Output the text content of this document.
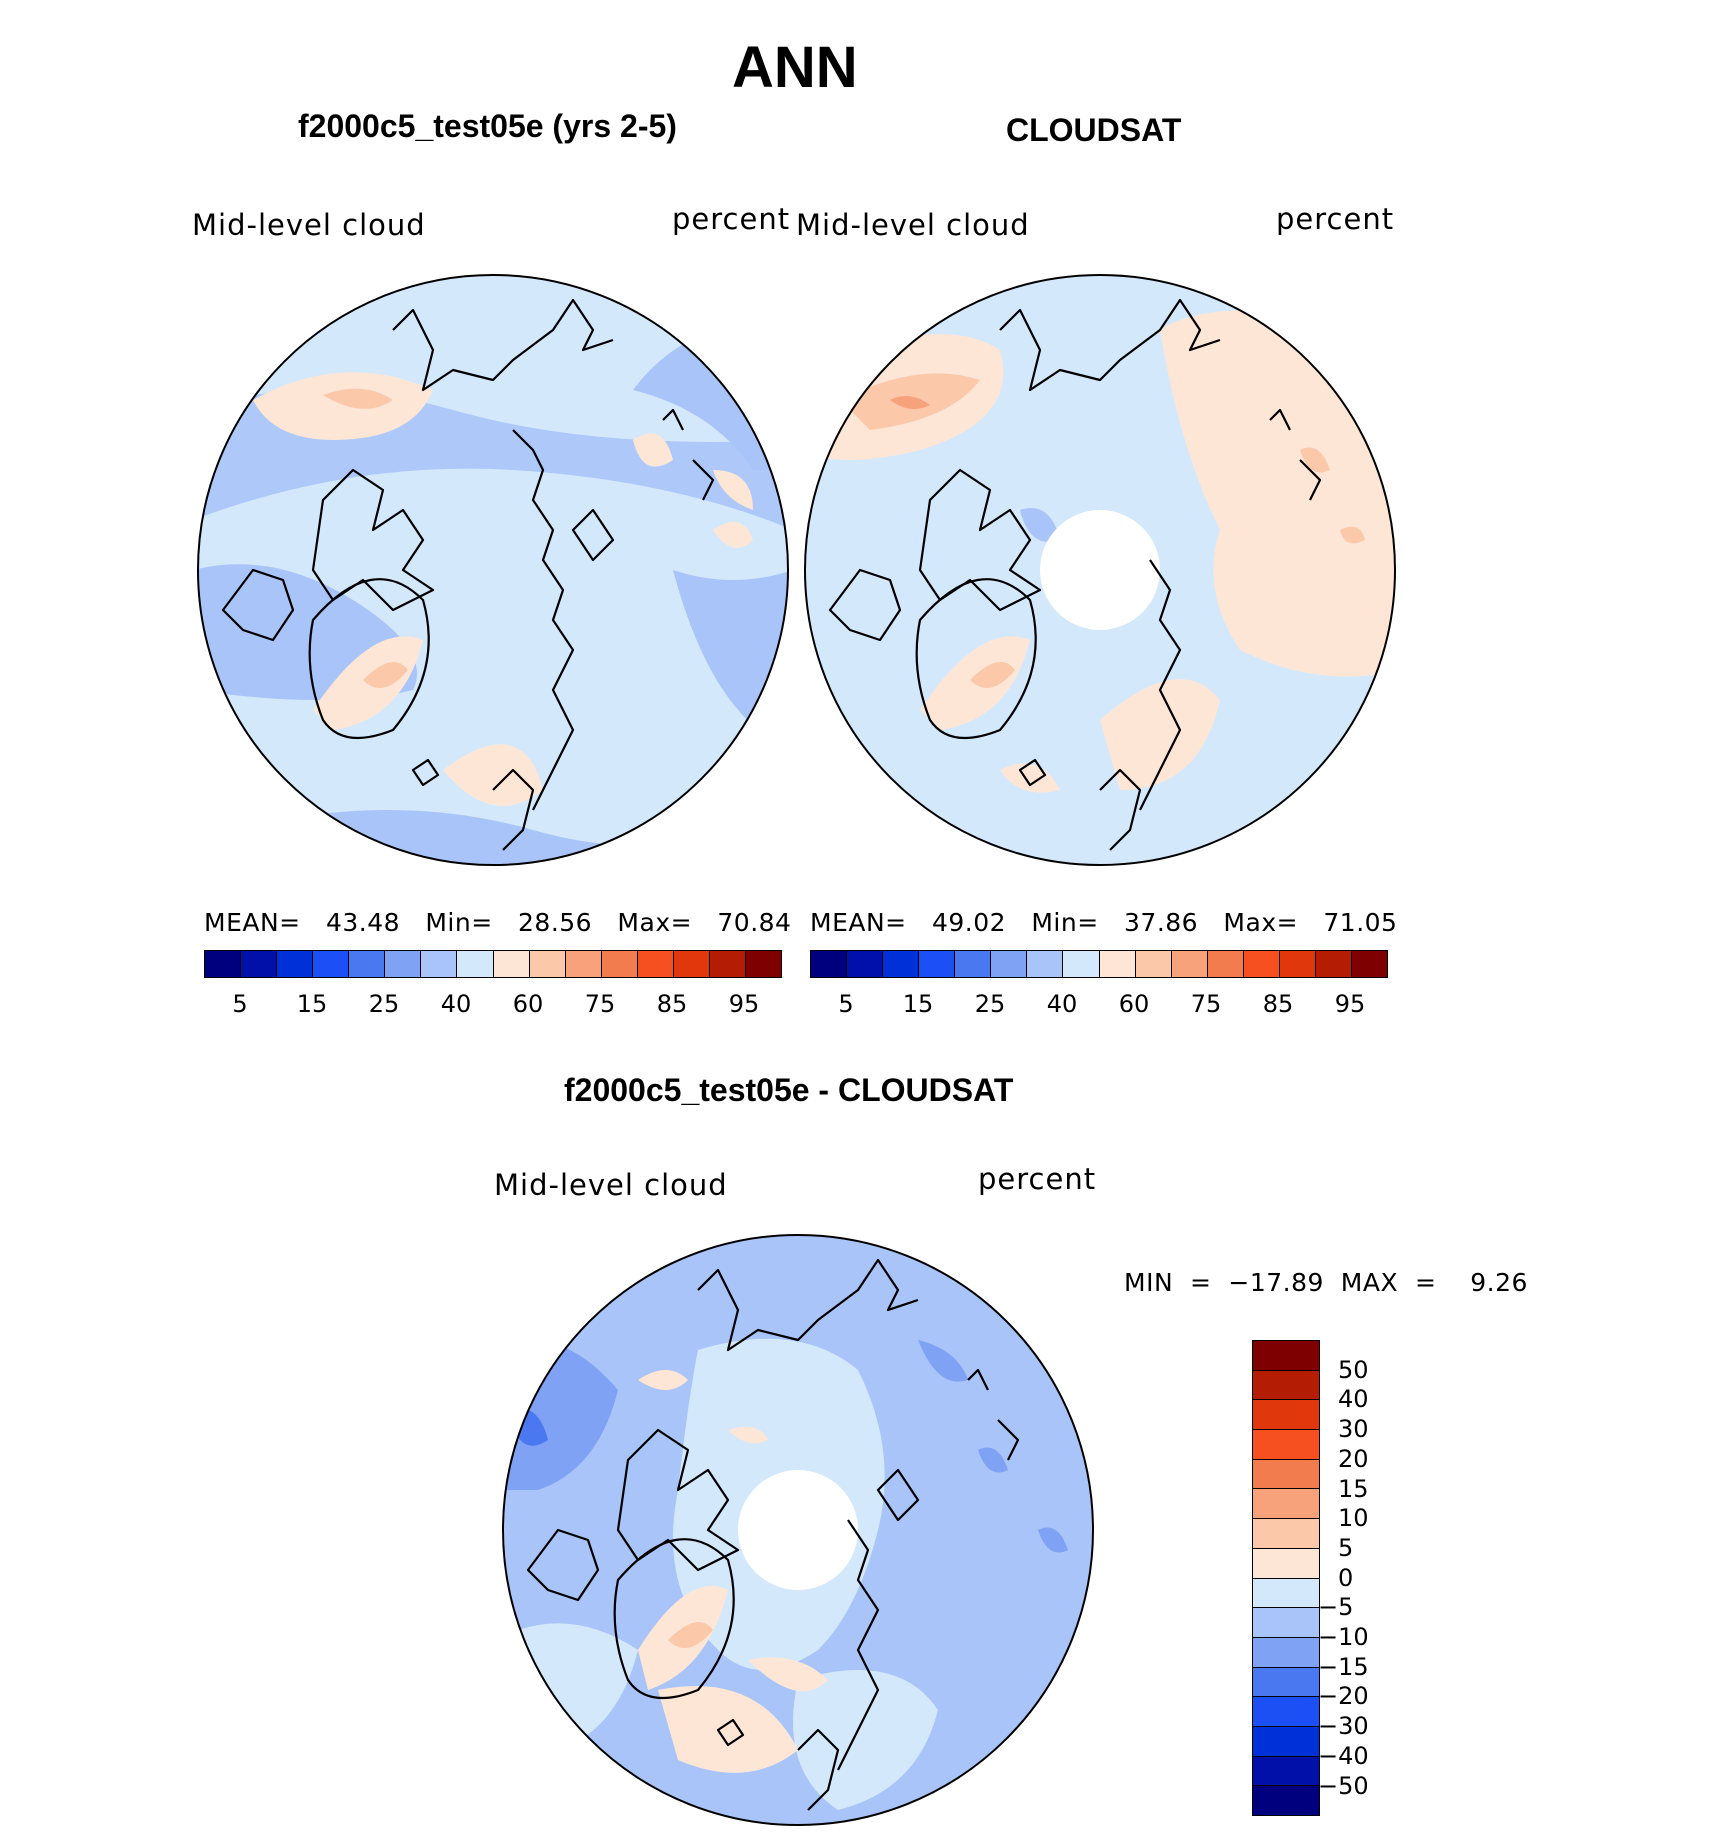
ANN
f2000c5_test05e (yrs 2-5)
Mid-level cloud	percent
CLOUDSAT
Mid-level cloud	percent
MEAN=   43.48   Min=   28.56   Max=   70.84 MEAN=   49.02   Min=   37.86   Max=   71.05
5 15 25 40 60 75 85 95	5 15 25 40 60 75 85 95
f2000c5_test05e - CLOUDSAT
Mid-level cloud	percent
MIN  =  −17.89  MAX  =    9.26
50
40
30
20
15
10
5
0
−5
−10
−15
−20
−30
−40
−50
